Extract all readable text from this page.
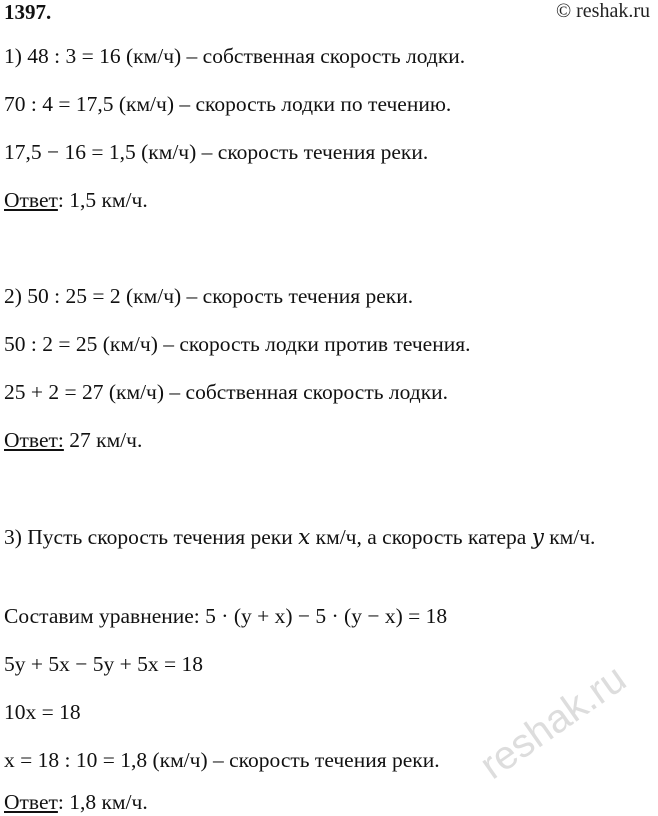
1397.	© reshak.ru
1) 48 : 3 = 16 (км/ч) – собственная скорость лодки.
70 : 4 = 17,5 (км/ч) – скорость лодки по течению.
17,5 − 16 = 1,5 (км/ч) – скорость течения реки.
Ответ: 1,5 км/ч.
2) 50 : 25 = 2 (км/ч) – скорость течения реки.
50 : 2 = 25 (км/ч) – скорость лодки против течения.
25 + 2 = 27 (км/ч) – собственная скорость лодки.
Ответ: 27 км/ч.
3) Пусть скорость течения реки x км/ч, а скорость катера y км/ч.
Составим уравнение: 5 · (y + x) − 5 · (y − x) = 18
5y + 5x − 5y + 5x = 18
10x = 18
x = 18 : 10 = 1,8 (км/ч) – скорость течения реки.
Ответ: 1,8 км/ч.
reshak.ru
